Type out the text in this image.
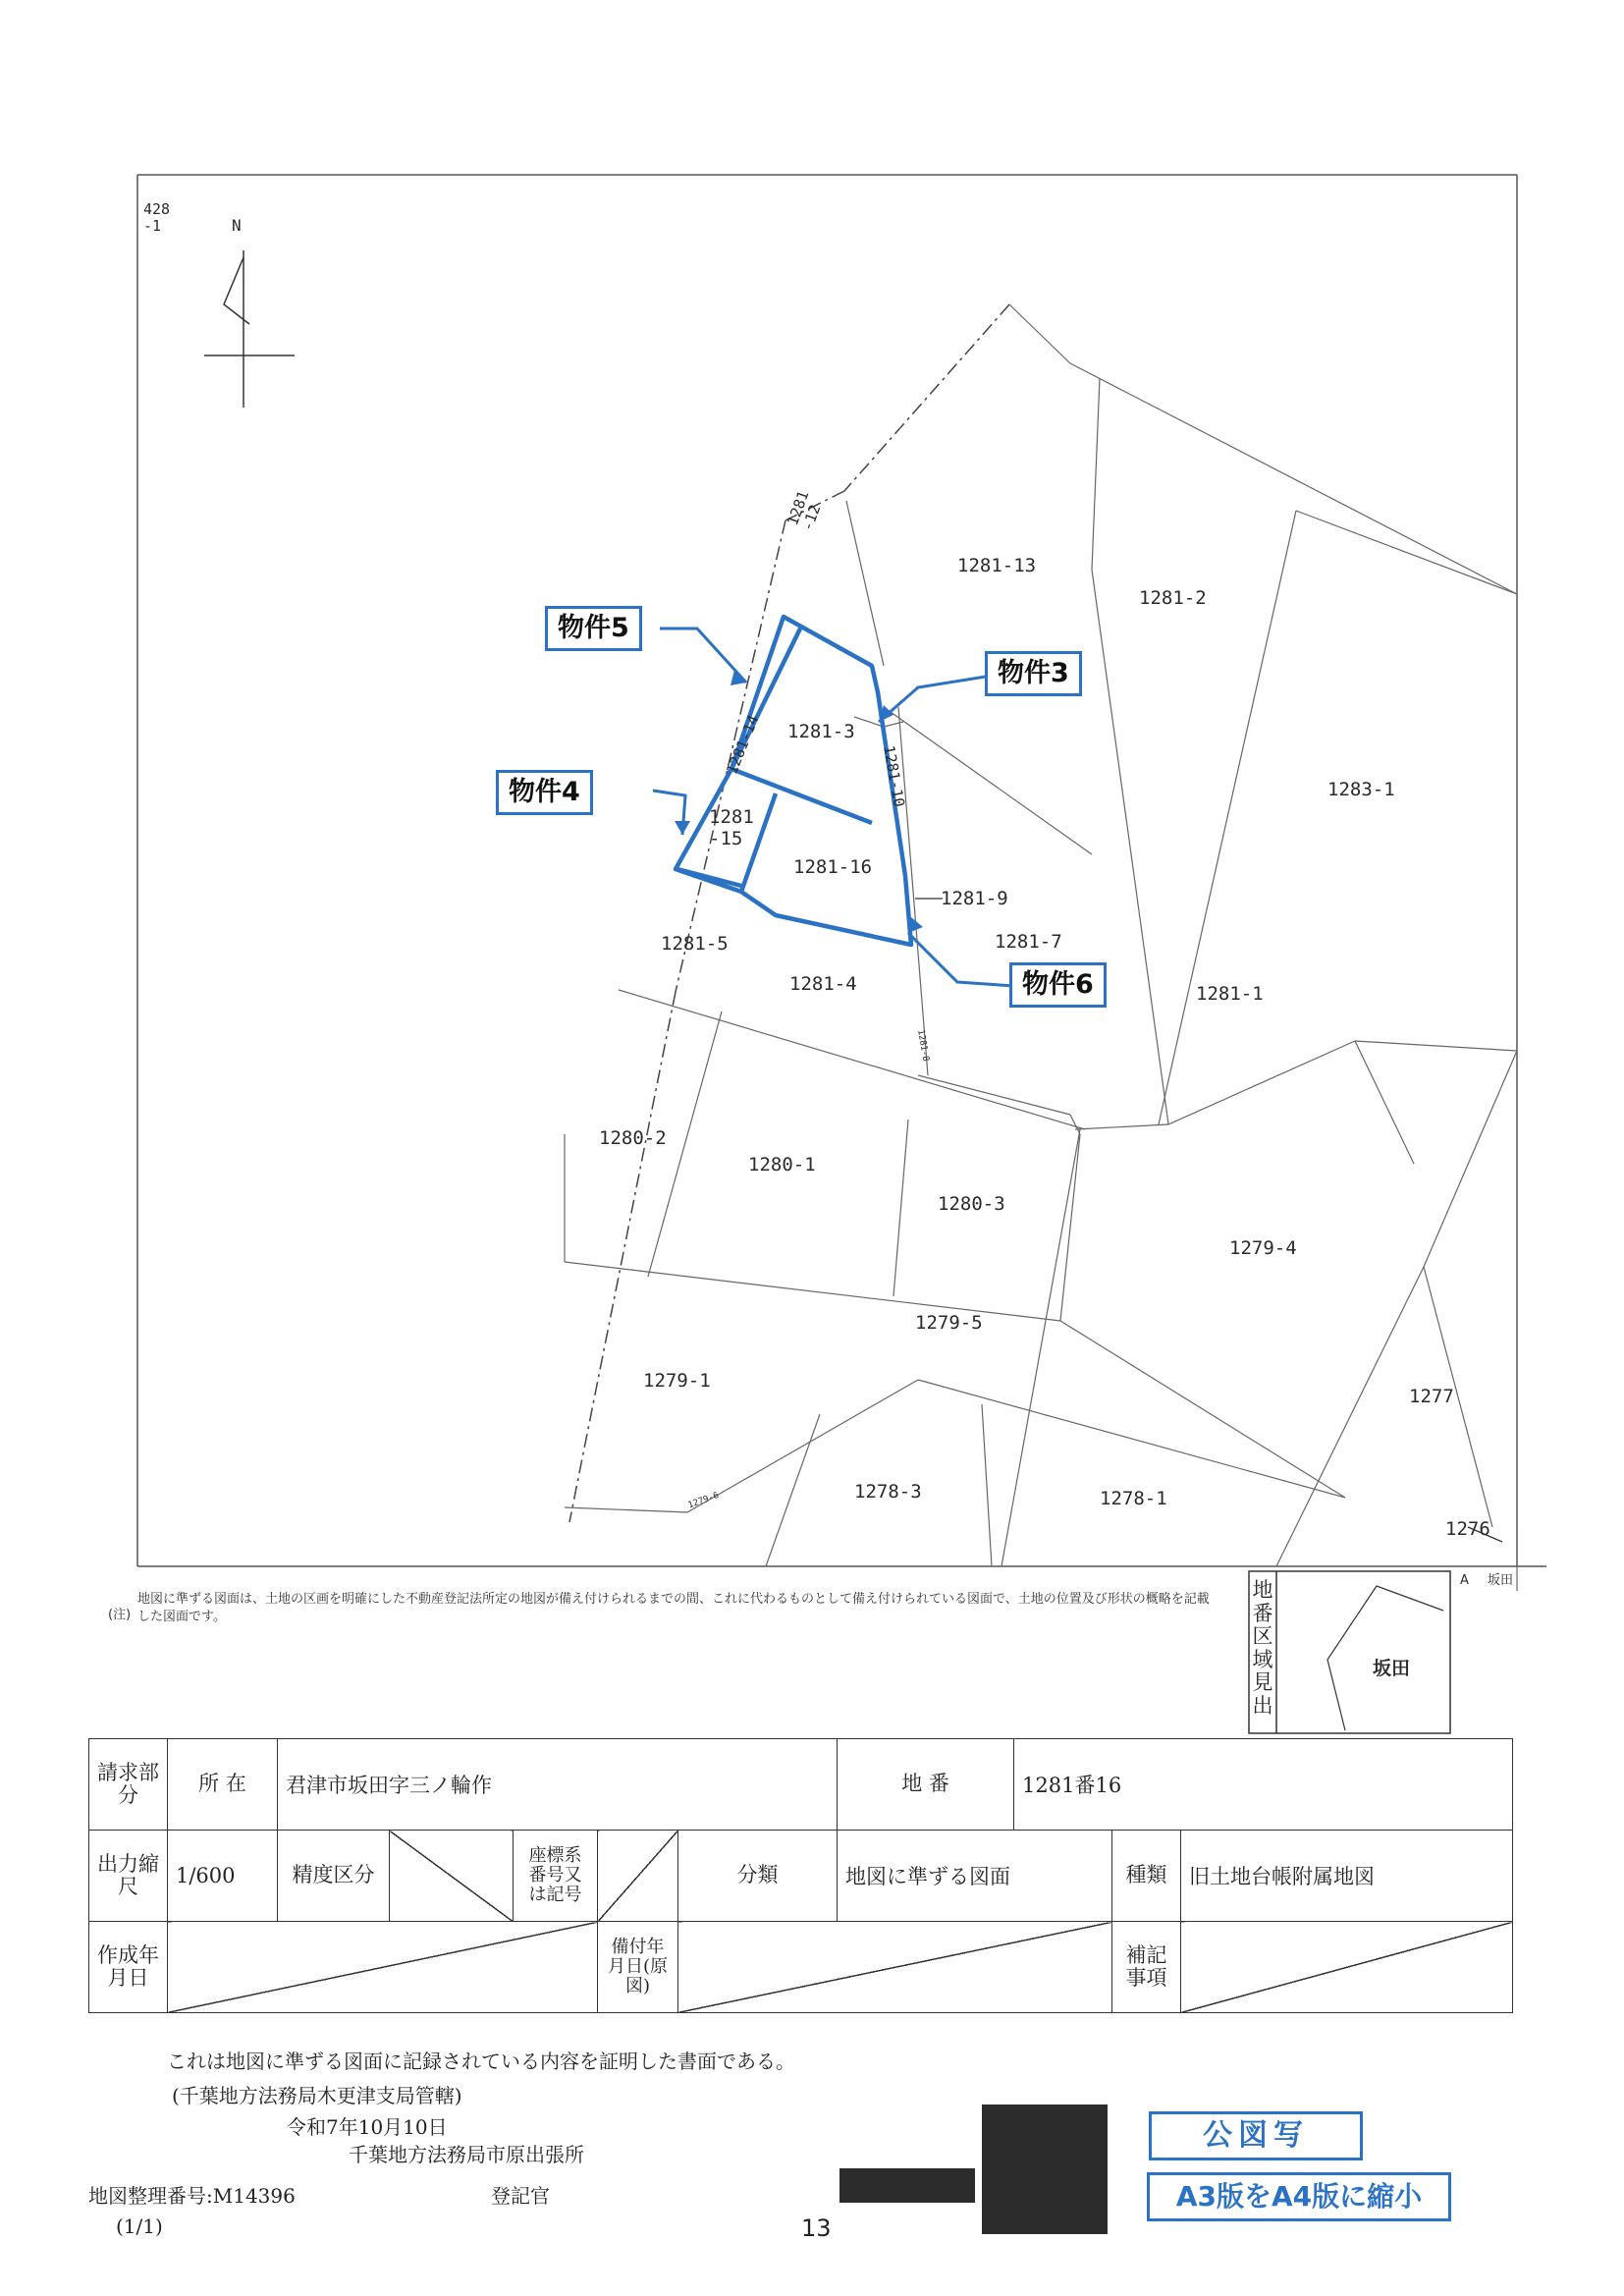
428
-1	N
1281-13
1281-2
1281-3
1283-1
1281
-15
1281-16
1281-9
1281-7
1281-5
1281-4	1281-1
1280-2
1280-1
1280-3
1279-4
1279-5
1279-1
1277
1278-3	1278-1
1276
1281
-12
1281-14	1281-10
1281-8
1279-6
物件5
物件3
物件4
物件6
A 坂田
(注)
地図に準ずる図面は、土地の区画を明確にした不動産登記法所定の地図が備え付けられるまでの間、これに代わるものとして備え付けられている図面で、土地の位置及び形状の概略を記載した図面です。
地番区域見出
坂田
請求部分	所 在	君津市坂田字三ノ輪作					地 番	1281番16		
出力縮尺	1/600	精度区分		座標系番号又は記号		分類	地図に準ずる図面		種類	旧土地台帳附属地図
作成年月日					備付年月日(原図)				補記事項	
これは地図に準ずる図面に記録されている内容を証明した書面である。
(千葉地方法務局木更津支局管轄)
令和7年10月10日
千葉地方法務局市原出張所
登記官
地図整理番号:M14396
(1/1)	13
公図写
A3版をA4版に縮小
